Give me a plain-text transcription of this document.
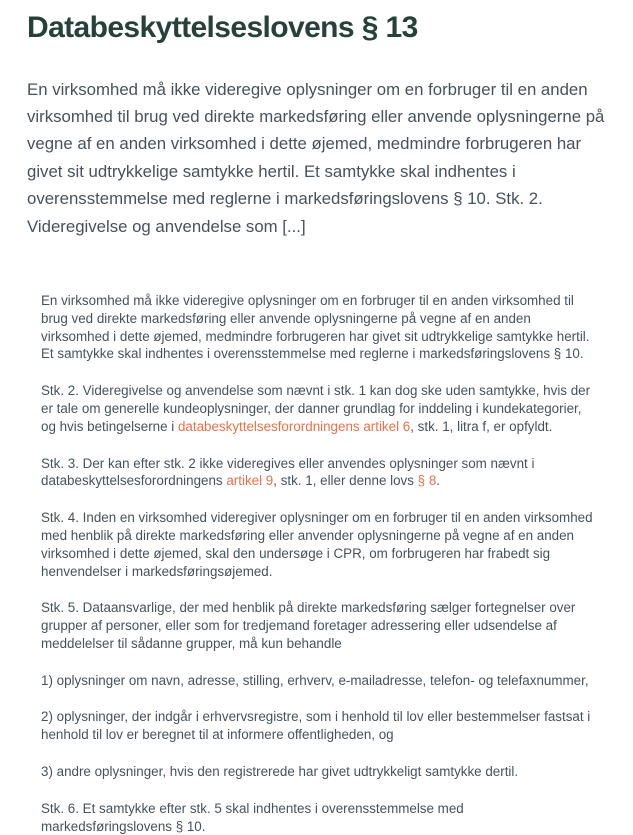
Databeskyttelseslovens § 13

En virksomhed må ikke videregive oplysninger om en forbruger til en anden virksomhed til brug ved direkte markedsføring eller anvende oplysningerne på vegne af en anden virksomhed i dette øjemed, medmindre forbrugeren har givet sit udtrykkelige samtykke hertil. Et samtykke skal indhentes i overensstemmelse med reglerne i markedsføringslovens § 10. Stk. 2. Videregivelse og anvendelse som [...]

En virksomhed må ikke videregive oplysninger om en forbruger til en anden virksomhed til brug ved direkte markedsføring eller anvende oplysningerne på vegne af en anden virksomhed i dette øjemed, medmindre forbrugeren har givet sit udtrykkelige samtykke hertil. Et samtykke skal indhentes i overensstemmelse med reglerne i markedsføringslovens § 10.

Stk. 2. Videregivelse og anvendelse som nævnt i stk. 1 kan dog ske uden samtykke, hvis der er tale om generelle kundeoplysninger, der danner grundlag for inddeling i kundekategorier, og hvis betingelserne i databeskyttelsesforordningens artikel 6, stk. 1, litra f, er opfyldt.

Stk. 3. Der kan efter stk. 2 ikke videregives eller anvendes oplysninger som nævnt i databeskyttelsesforordningens artikel 9, stk. 1, eller denne lovs § 8.

Stk. 4. Inden en virksomhed videregiver oplysninger om en forbruger til en anden virksomhed med henblik på direkte markedsføring eller anvender oplysningerne på vegne af en anden virksomhed i dette øjemed, skal den undersøge i CPR, om forbrugeren har frabedt sig henvendelser i markedsføringsøjemed.

Stk. 5. Dataansvarlige, der med henblik på direkte markedsføring sælger fortegnelser over grupper af personer, eller som for tredjemand foretager adressering eller udsendelse af meddelelser til sådanne grupper, må kun behandle

1) oplysninger om navn, adresse, stilling, erhverv, e-mailadresse, telefon- og telefaxnummer,

2) oplysninger, der indgår i erhvervsregistre, som i henhold til lov eller bestemmelser fastsat i henhold til lov er beregnet til at informere offentligheden, og

3) andre oplysninger, hvis den registrerede har givet udtrykkeligt samtykke dertil.

Stk. 6. Et samtykke efter stk. 5 skal indhentes i overensstemmelse med markedsføringslovens § 10.
